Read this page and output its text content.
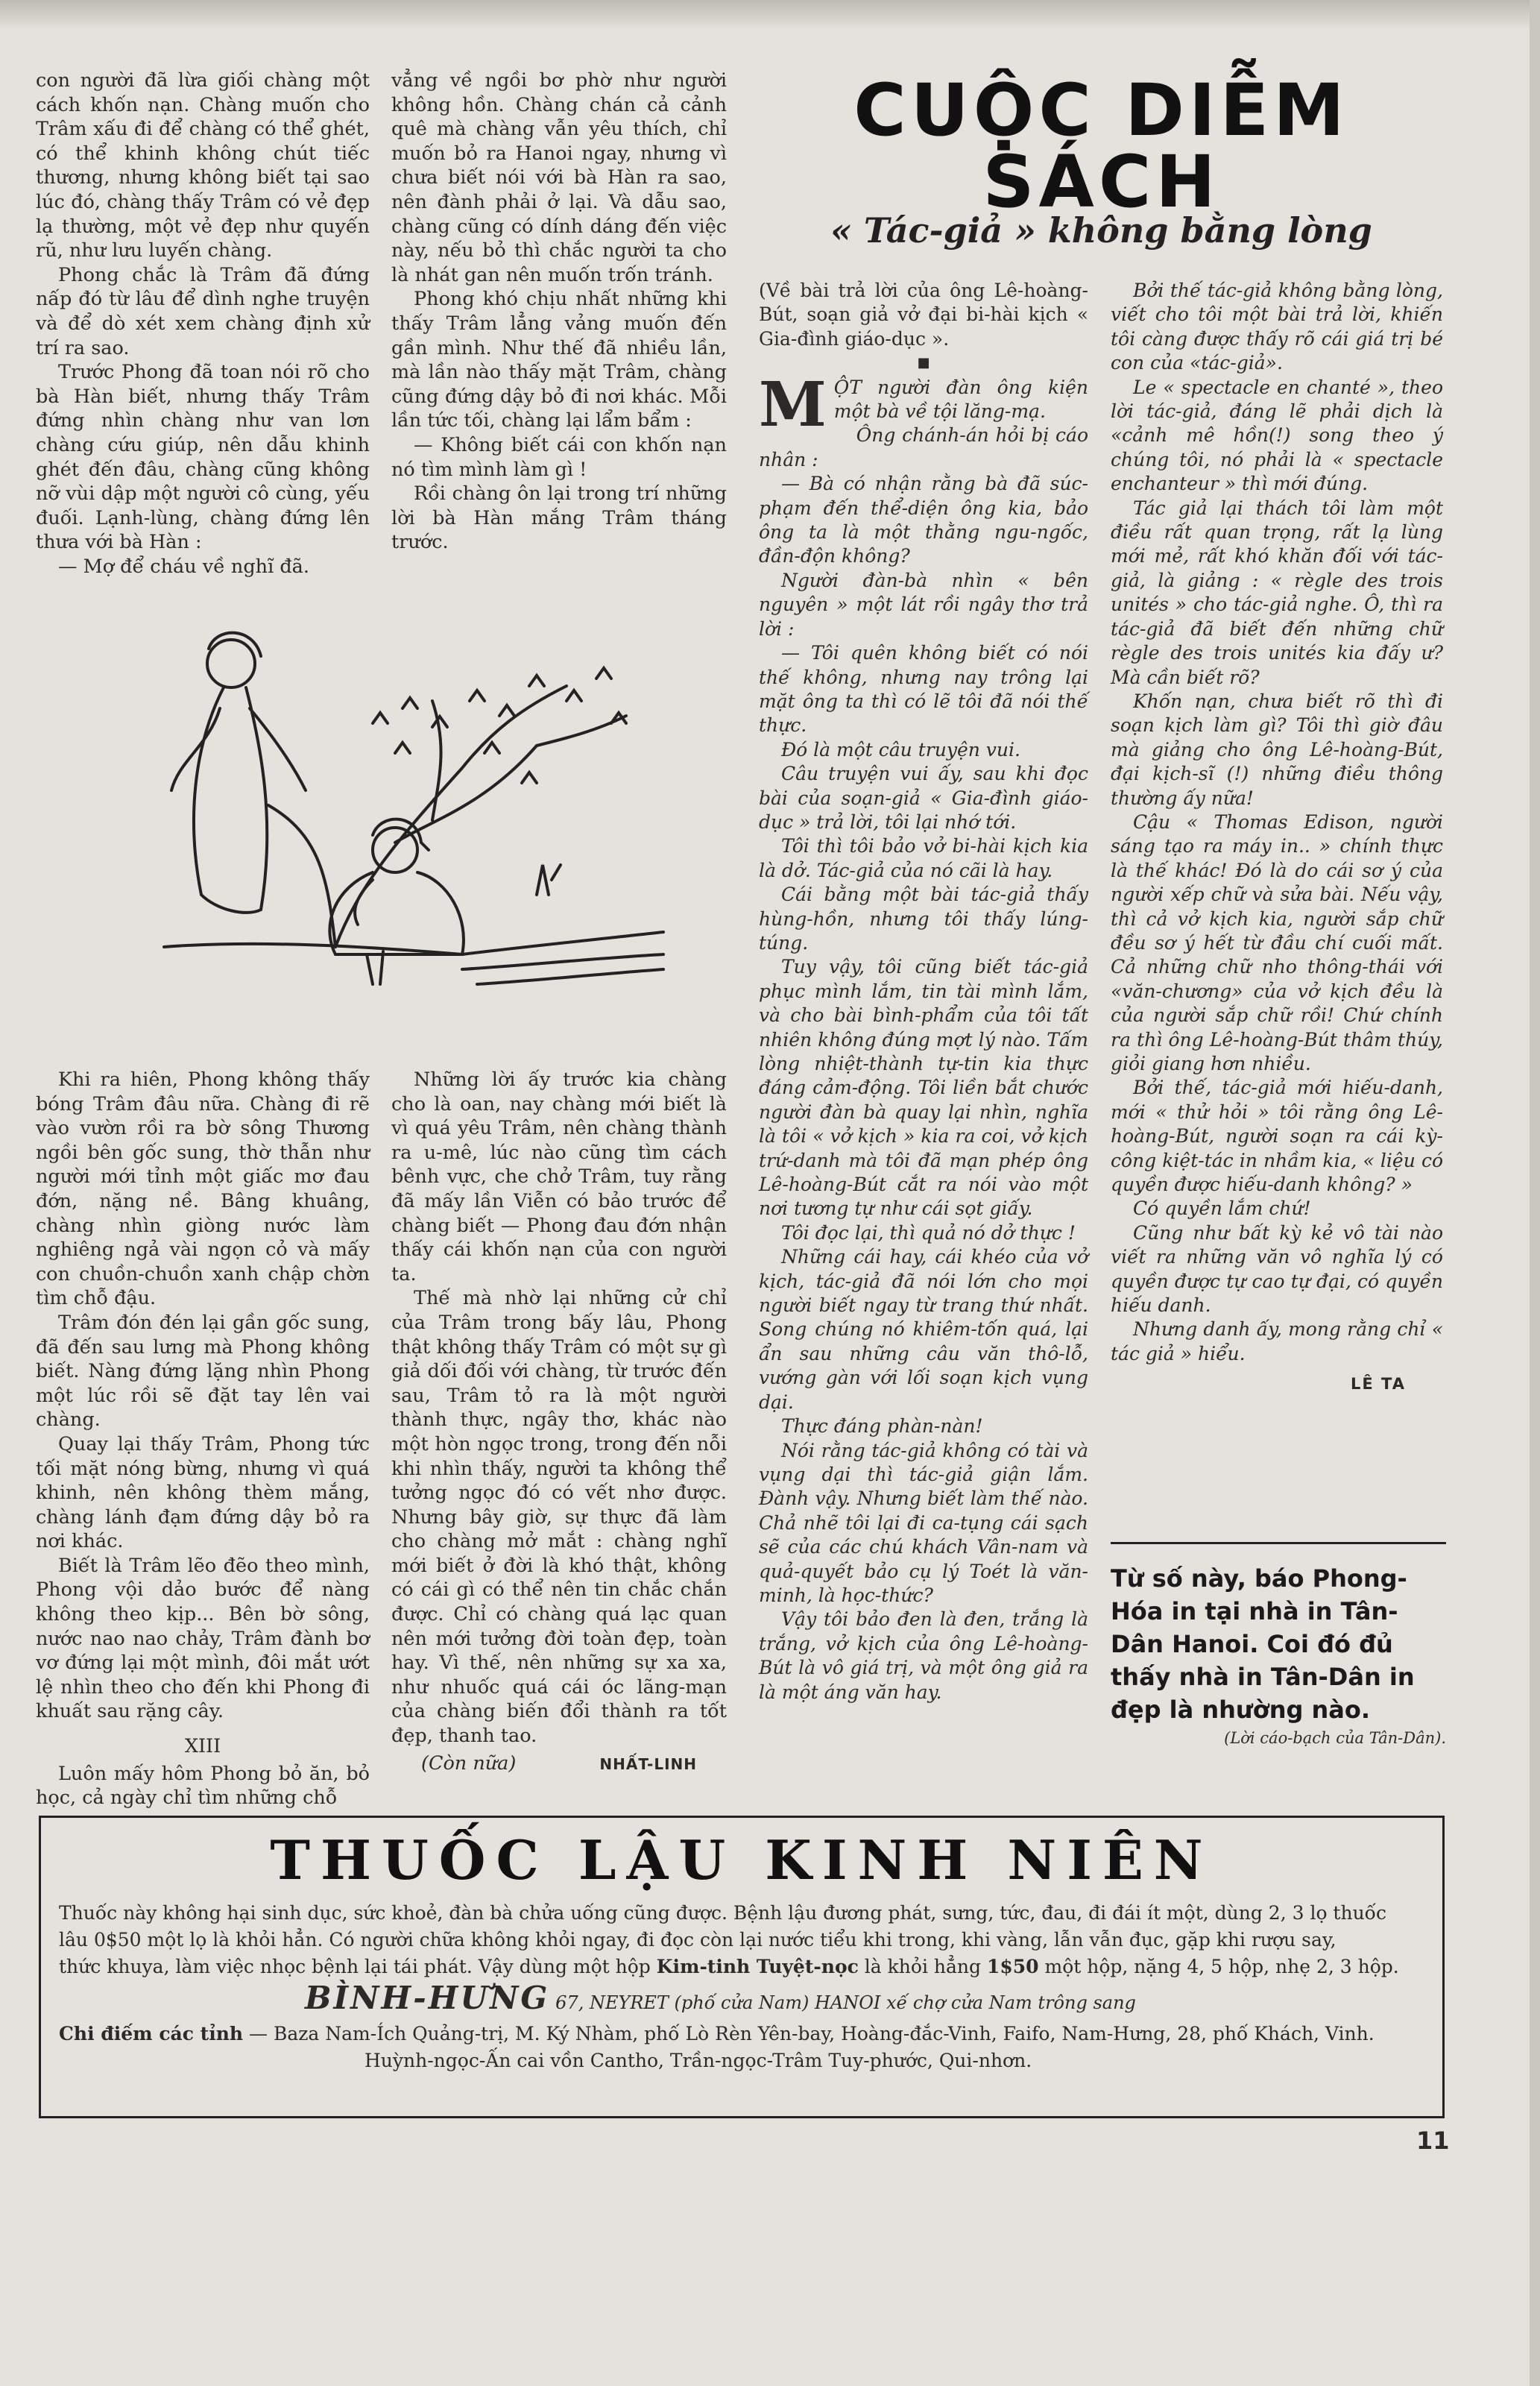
con người đã lừa giối chàng một cách khốn nạn. Chàng muốn cho Trâm xấu đi để chàng có thể ghét, có thể khinh không chút tiếc thương, nhưng không biết tại sao lúc đó, chàng thấy Trâm có vẻ đẹp lạ thường, một vẻ đẹp như quyến rũ, như lưu luyến chàng.

Phong chắc là Trâm đã đứng nấp đó từ lâu để dình nghe truyện và để dò xét xem chàng định xử trí ra sao.

Trước Phong đã toan nói rõ cho bà Hàn biết, nhưng thấy Trâm đứng nhìn chàng như van lơn chàng cứu giúp, nên dẫu khinh ghét đến đâu, chàng cũng không nỡ vùi dập một người cô cùng, yếu đuối. Lạnh-lùng, chàng đứng lên thưa với bà Hàn :

— Mợ để cháu về nghĩ đã.

vẳng về ngồi bơ phờ như người không hồn. Chàng chán cả cảnh quê mà chàng vẫn yêu thích, chỉ muốn bỏ ra Hanoi ngay, nhưng vì chưa biết nói với bà Hàn ra sao, nên đành phải ở lại. Và dẫu sao, chàng cũng có dính dáng đến việc này, nếu bỏ thì chắc người ta cho là nhát gan nên muốn trốn tránh.

Phong khó chịu nhất những khi thấy Trâm lẳng vảng muốn đến gần mình. Như thế đã nhiều lần, mà lần nào thấy mặt Trâm, chàng cũng đứng dậy bỏ đi nơi khác. Mỗi lần tức tối, chàng lại lẩm bẩm :

— Không biết cái con khốn nạn nó tìm mình làm gì !

Rồi chàng ôn lại trong trí những lời bà Hàn mắng Trâm tháng trước.

Khi ra hiên, Phong không thấy bóng Trâm đâu nữa. Chàng đi rẽ vào vườn rồi ra bờ sông Thương ngồi bên gốc sung, thờ thẫn như người mới tỉnh một giấc mơ đau đớn, nặng nề. Bâng khuâng, chàng nhìn giòng nước làm nghiêng ngả vài ngọn cỏ và mấy con chuồn-chuồn xanh chập chờn tìm chỗ đậu.

Trâm đón đén lại gần gốc sung, đã đến sau lưng mà Phong không biết. Nàng đứng lặng nhìn Phong một lúc rồi sẽ đặt tay lên vai chàng.

Quay lại thấy Trâm, Phong tức tối mặt nóng bừng, nhưng vì quá khinh, nên không thèm mắng, chàng lánh đạm đứng dậy bỏ ra nơi khác.

Biết là Trâm lẽo đẽo theo mình, Phong vội dảo bước để nàng không theo kịp... Bên bờ sông, nước nao nao chảy, Trâm đành bơ vơ đứng lại một mình, đôi mắt ướt lệ nhìn theo cho đến khi Phong đi khuất sau rặng cây.

XIII

Luôn mấy hôm Phong bỏ ăn, bỏ học, cả ngày chỉ tìm những chỗ

Những lời ấy trước kia chàng cho là oan, nay chàng mới biết là vì quá yêu Trâm, nên chàng thành ra u-mê, lúc nào cũng tìm cách bênh vực, che chở Trâm, tuy rằng đã mấy lần Viễn có bảo trước để chàng biết — Phong đau đớn nhận thấy cái khốn nạn của con người ta.

Thế mà nhờ lại những cử chỉ của Trâm trong bấy lâu, Phong thật không thấy Trâm có một sự gì giả dối đối với chàng, từ trước đến sau, Trâm tỏ ra là một người thành thực, ngây thơ, khác nào một hòn ngọc trong, trong đến nỗi khi nhìn thấy, người ta không thể tưởng ngọc đó có vết nhơ được. Nhưng bây giờ, sự thực đã làm cho chàng mở mắt : chàng nghĩ mới biết ở đời là khó thật, không có cái gì có thể nên tin chắc chắn được. Chỉ có chàng quá lạc quan nên mới tưởng đời toàn đẹp, toàn hay. Vì thế, nên những sự xa xa, như nhuốc quá cái óc lãng-mạn của chàng biến đổi thành ra tốt đẹp, thanh tao.

(Còn nữa)	NHẤT-LINH
CUỘC DIỄM SÁCH
« Tác-giả » không bằng lòng

(Về bài trả lời của ông Lê-hoàng-Bút, soạn giả vở đại bi-hài kịch « Gia-đình giáo-dục ».

■

MỘT người đàn ông kiện một bà về tội lăng-mạ.

Ông chánh-án hỏi bị cáo nhân :

— Bà có nhận rằng bà đã súc-phạm đến thể-diện ông kia, bảo ông ta là một thằng ngu-ngốc, đần-độn không?

Người đàn-bà nhìn « bên nguyên » một lát rồi ngây thơ trả lời :

— Tôi quên không biết có nói thế không, nhưng nay trông lại mặt ông ta thì có lẽ tôi đã nói thế thực.

Đó là một câu truyện vui.

Câu truyện vui ấy, sau khi đọc bài của soạn-giả « Gia-đình giáo-dục » trả lời, tôi lại nhớ tới.

Tôi thì tôi bảo vở bi-hài kịch kia là dở. Tác-giả của nó cãi là hay.

Cái bằng một bài tác-giả thấy hùng-hồn, nhưng tôi thấy lúng-túng.

Tuy vậy, tôi cũng biết tác-giả phục mình lắm, tin tài mình lắm, và cho bài bình-phẩm của tôi tất nhiên không đúng mợt lý nào. Tấm lòng nhiệt-thành tự-tin kia thực đáng cảm-động. Tôi liền bắt chước người đàn bà quay lại nhìn, nghĩa là tôi « vở kịch » kia ra coi, vở kịch trứ-danh mà tôi đã mạn phép ông Lê-hoàng-Bút cắt ra nói vào một nơi tương tự như cái sọt giấy.

Tôi đọc lại, thì quả nó dở thực !

Những cái hay, cái khéo của vở kịch, tác-giả đã nói lớn cho mọi người biết ngay từ trang thứ nhất. Song chúng nó khiêm-tốn quá, lại ẩn sau những câu văn thô-lỗ, vướng gàn với lối soạn kịch vụng dại.

Thực đáng phàn-nàn!

Nói rằng tác-giả không có tài và vụng dại thì tác-giả giận lắm. Đành vậy. Nhưng biết làm thế nào. Chả nhẽ tôi lại đi ca-tụng cái sạch sẽ của các chú khách Vân-nam và quả-quyết bảo cụ lý Toét là văn-minh, là học-thức?

Vậy tôi bảo đen là đen, trắng là trắng, vở kịch của ông Lê-hoàng-Bút là vô giá trị, và một ông giả ra là một áng văn hay.

Bởi thế tác-giả không bằng lòng, viết cho tôi một bài trả lời, khiến tôi càng được thấy rõ cái giá trị bé con của «tác-giả».

Le « spectacle en chanté », theo lời tác-giả, đáng lẽ phải dịch là «cảnh mê hồn(!) song theo ý chúng tôi, nó phải là « spectacle enchanteur » thì mới đúng.

Tác giả lại thách tôi làm một điều rất quan trọng, rất lạ lùng mới mẻ, rất khó khăn đối với tác-giả, là giảng : « règle des trois unités » cho tác-giả nghe. Ô, thì ra tác-giả đã biết đến những chữ règle des trois unités kia đấy ư? Mà cần biết rõ?

Khốn nạn, chưa biết rõ thì đi soạn kịch làm gì? Tôi thì giờ đâu mà giảng cho ông Lê-hoàng-Bút, đại kịch-sĩ (!) những điều thông thường ấy nữa!

Cậu « Thomas Edison, người sáng tạo ra máy in.. » chính thực là thế khác! Đó là do cái sơ ý của người xếp chữ và sửa bài. Nếu vậy, thì cả vở kịch kia, người sắp chữ đều sơ ý hết từ đầu chí cuối mất. Cả những chữ nho thông-thái với «văn-chương» của vở kịch đều là của người sắp chữ rồi! Chứ chính ra thì ông Lê-hoàng-Bút thâm thúy, giỏi giang hơn nhiều.

Bởi thế, tác-giả mới hiếu-danh, mới « thử hỏi » tôi rằng ông Lê-hoàng-Bút, người soạn ra cái kỳ-công kiệt-tác in nhầm kia, « liệu có quyền được hiếu-danh không? »

Có quyền lắm chứ!

Cũng như bất kỳ kẻ vô tài nào viết ra những văn vô nghĩa lý có quyền được tự cao tự đại, có quyền hiếu danh.

Nhưng danh ấy, mong rằng chỉ « tác giả » hiểu.

LÊ TA

Từ số này, báo Phong-Hóa in tại nhà in Tân-Dân Hanoi. Coi đó đủ thấy nhà in Tân-Dân in đẹp là nhường nào.
(Lời cáo-bạch của Tân-Dân).
THUỐC LẬU KINH NIÊN
Thuốc này không hại sinh dục, sức khoẻ, đàn bà chửa uống cũng được. Bệnh lậu đương phát, sưng, tức, đau, đi đái ít một, dùng 2, 3 lọ thuốc
lâu 0$50 một lọ là khỏi hẳn. Có người chữa không khỏi ngay, đi đọc còn lại nước tiểu khi trong, khi vàng, lẫn vẫn đục, gặp khi rượu say,
thức khuya, làm việc nhọc bệnh lại tái phát. Vậy dùng một hộp Kim-tinh Tuyệt-nọc là khỏi hẳng 1$50 một hộp, nặng 4, 5 hộp, nhẹ 2, 3 hộp.
BÌNH-HƯNG 67, NEYRET (phố cửa Nam) HANOI xế chợ cửa Nam trông sang
Chi điếm các tỉnh — Baza Nam-Ích Quảng-trị, M. Ký Nhàm, phố Lò Rèn Yên-bay, Hoàng-đắc-Vinh, Faifo, Nam-Hưng, 28, phố Khách, Vinh.
Huỳnh-ngọc-Ấn cai vồn Cantho, Trần-ngọc-Trâm Tuy-phước, Qui-nhơn.
11
